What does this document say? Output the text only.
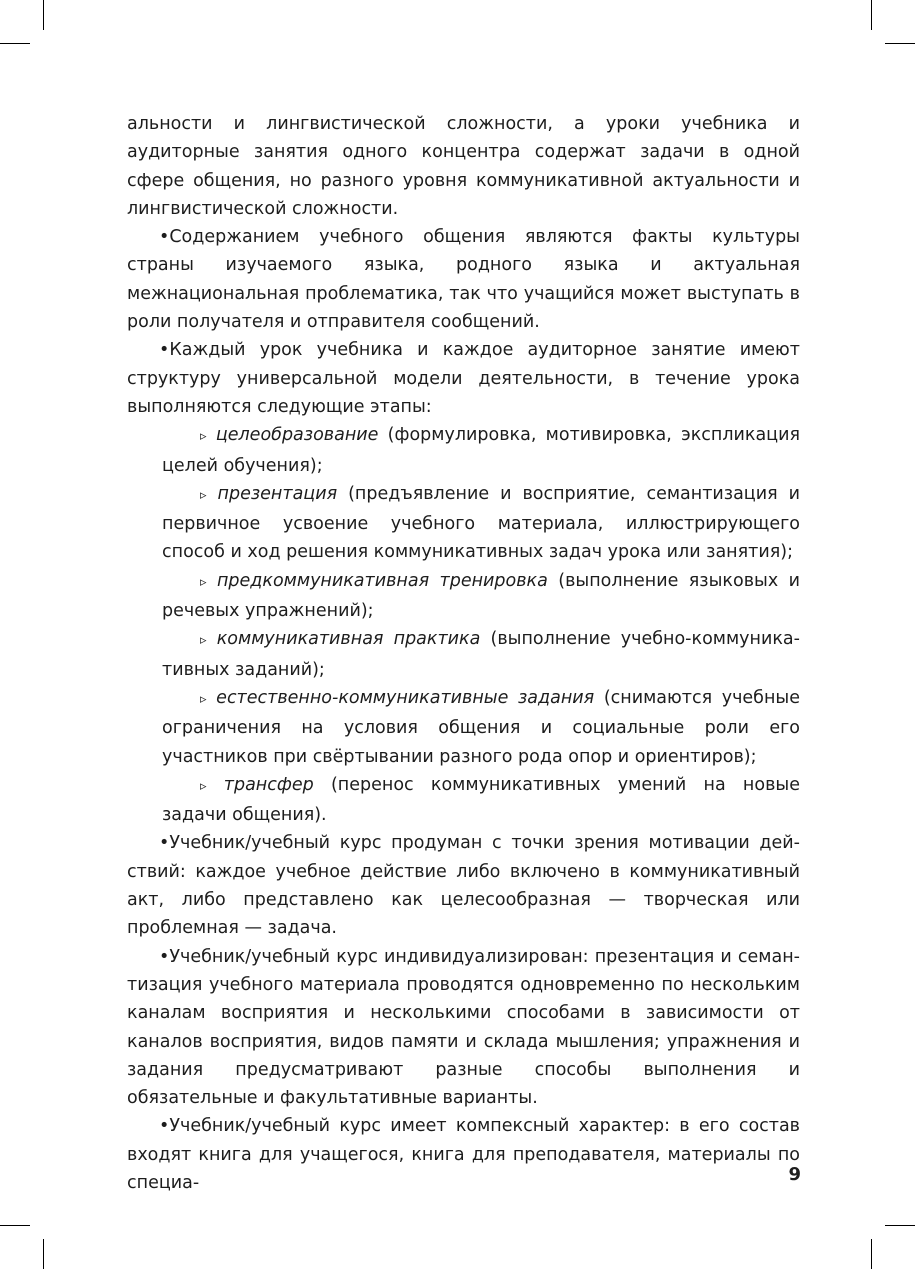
альности и лингвистической сложности, а уроки учебника и аудиторные занятия одного концентра содержат задачи в одной сфере общения, но разного уровня коммуникативной актуальности и лингвистической сложности.

•Содержанием учебного общения являются факты культуры страны изучаемого языка, родного языка и актуальная межнациональная проблематика, так что учащийся может выступать в роли получателя и отправителя сообщений.

•Каждый урок учебника и каждое аудиторное занятие имеют структуру универсальной модели деятельности, в течение урока выполняются следующие этапы:

▹ целеобразование (формулировка, мотивировка, экспликация целей обучения);

▹ презентация (предъявление и восприятие, семантизация и первичное усвоение учебного материала, иллюстрирующего способ и ход решения коммуникативных задач урока или занятия);

▹ предкоммуникативная тренировка (выполнение языковых и речевых упражнений);

▹ коммуникативная практика (выполнение учебно-коммуникативных заданий);

▹ естественно-коммуникативные задания (снимаются учебные ограничения на условия общения и социальные роли его участников при свёртывании разного рода опор и ориентиров);

▹ трансфер (перенос коммуникативных умений на новые задачи общения).

•Учебник/учебный курс продуман с точки зрения мотивации действий: каждое учебное действие либо включено в коммуникативный акт, либо представлено как целесообразная — творческая или проблемная — задача.

•Учебник/учебный курс индивидуализирован: презентация и семантизация учебного материала проводятся одновременно по нескольким каналам восприятия и несколькими способами в зависимости от каналов восприятия, видов памяти и склада мышления; упражнения и задания предусматривают разные способы выполнения и обязательные и факультативные варианты.

•Учебник/учебный курс имеет компексный характер: в его состав входят книга для учащегося, книга для преподавателя, материалы по специа-	9
